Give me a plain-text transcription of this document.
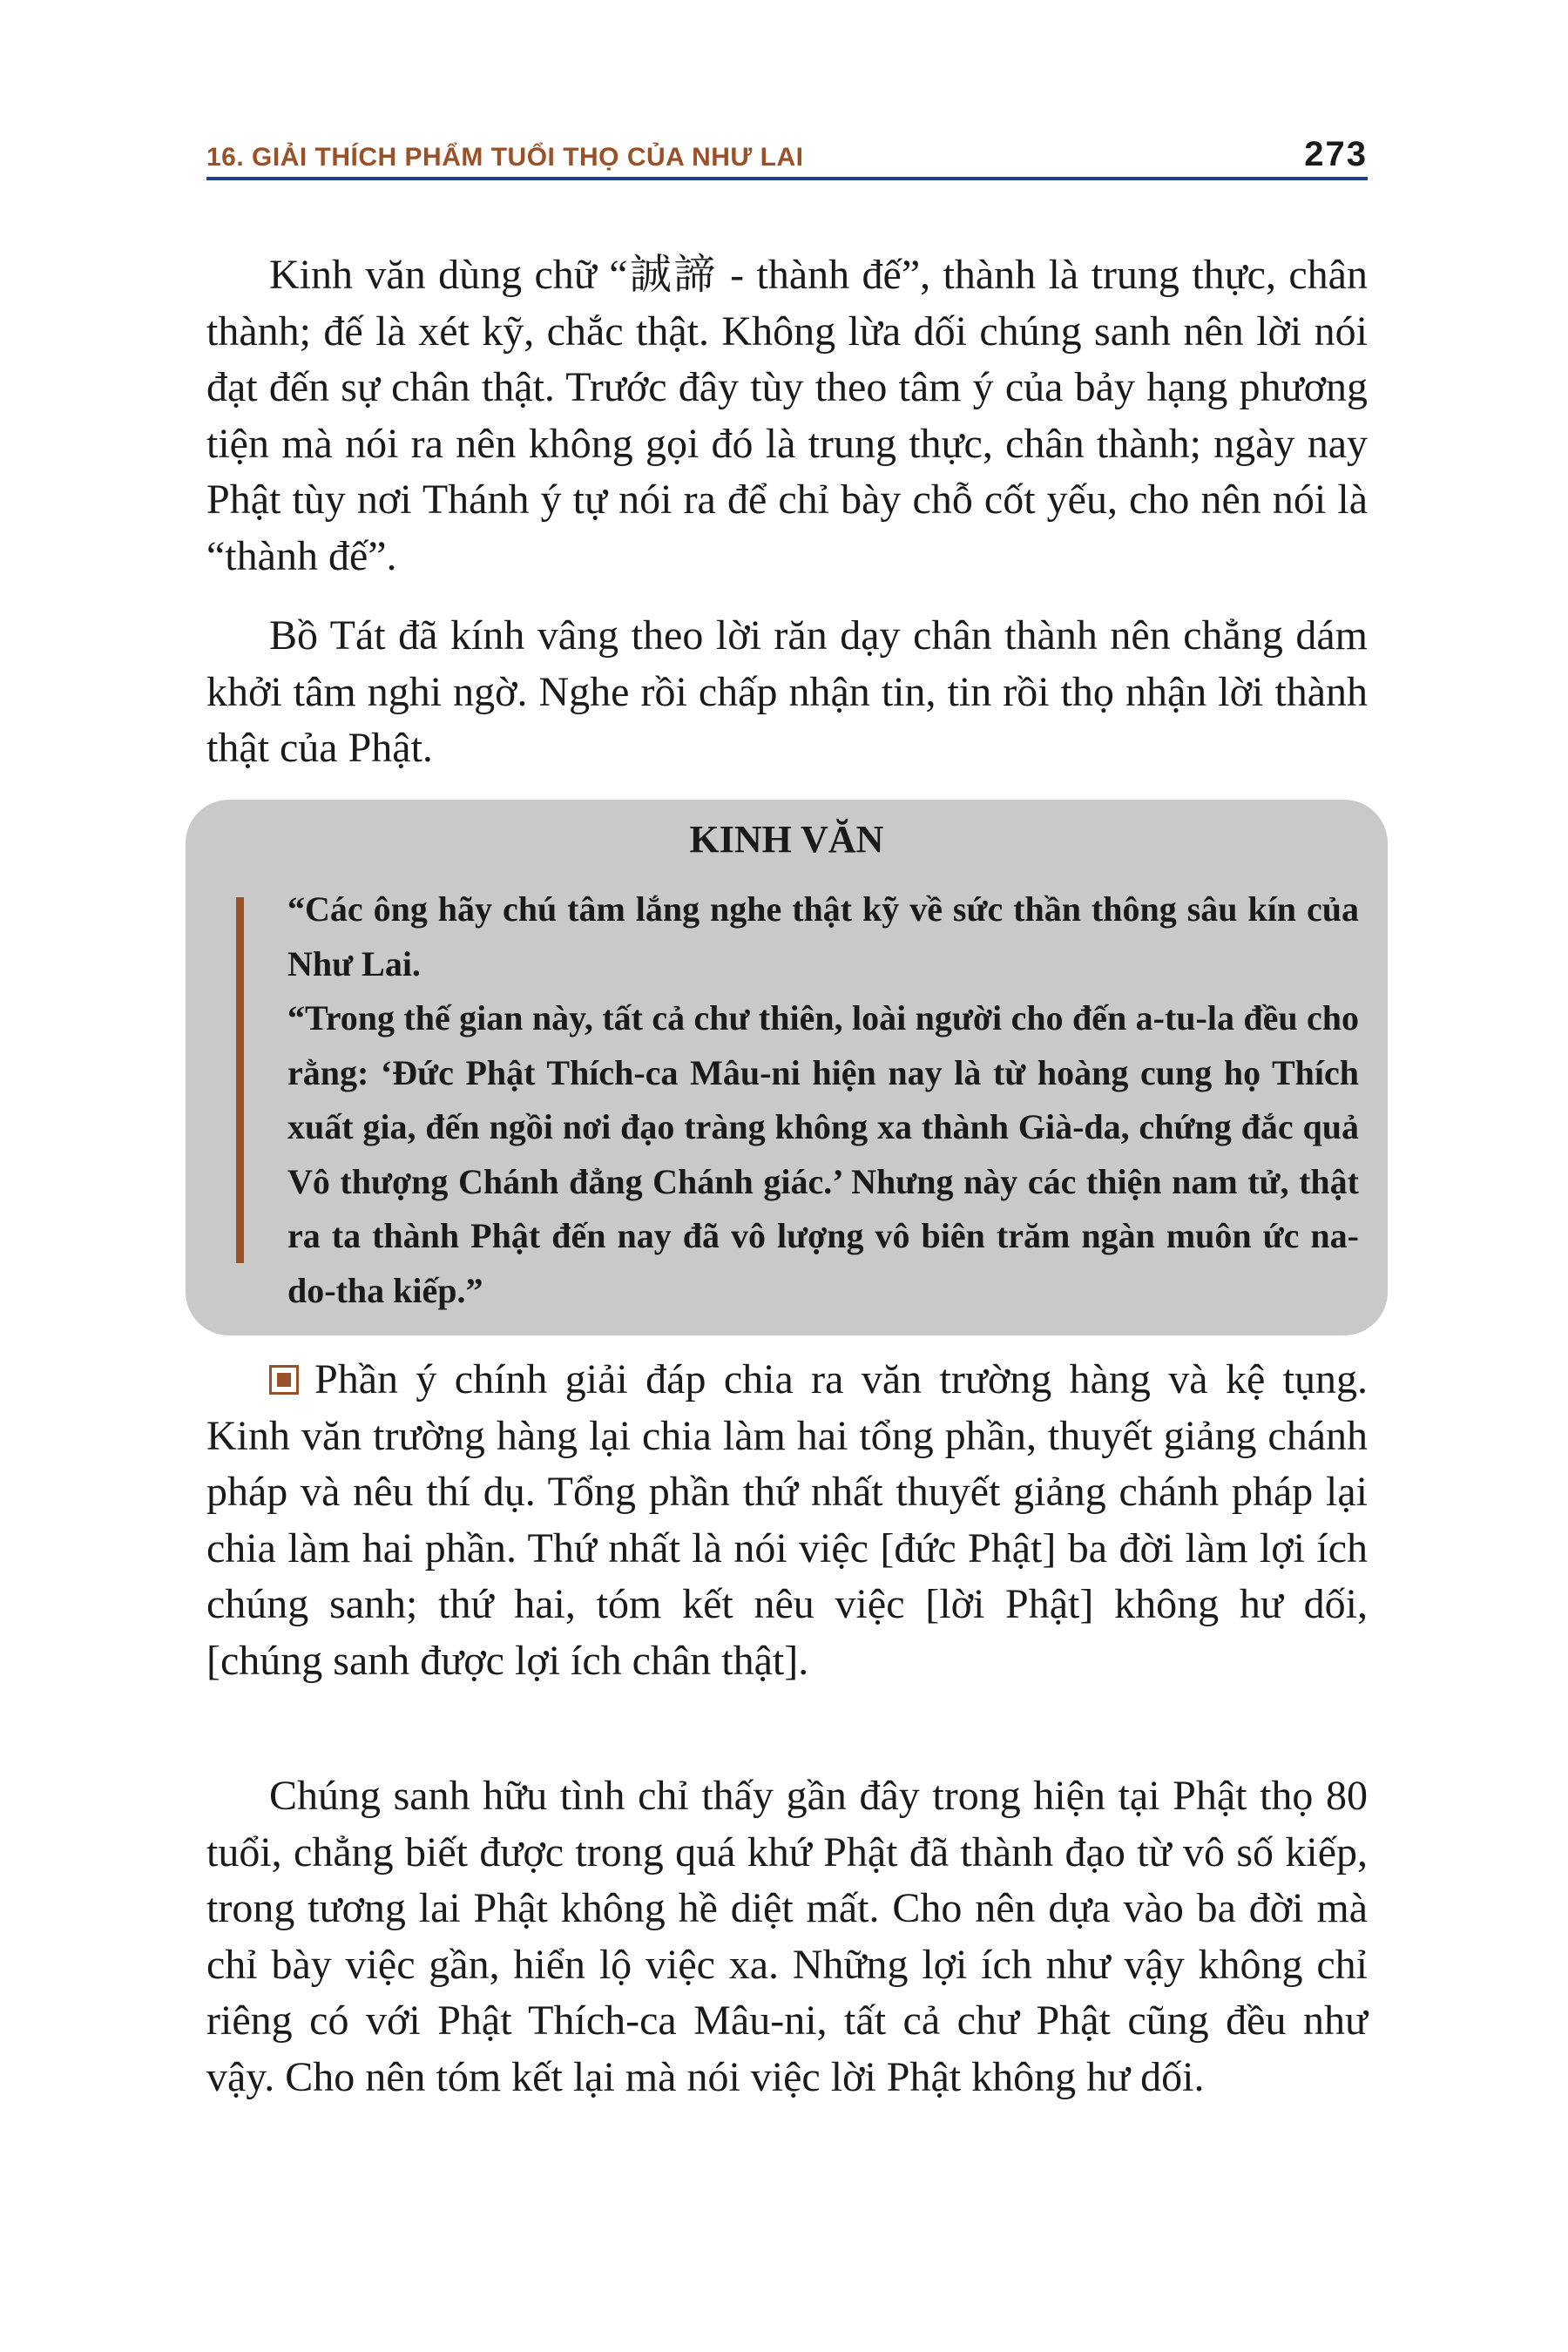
16. GIẢI THÍCH PHẨM TUỔI THỌ CỦA NHƯ LAI	273

Kinh văn dùng chữ “誠諦 - thành đế”, thành là trung thực, chân thành; đế là xét kỹ, chắc thật. Không lừa dối chúng sanh nên lời nói đạt đến sự chân thật. Trước đây tùy theo tâm ý của bảy hạng phương tiện mà nói ra nên không gọi đó là trung thực, chân thành; ngày nay Phật tùy nơi Thánh ý tự nói ra để chỉ bày chỗ cốt yếu, cho nên nói là “thành đế”.

Bồ Tát đã kính vâng theo lời răn dạy chân thành nên chẳng dám khởi tâm nghi ngờ. Nghe rồi chấp nhận tin, tin rồi thọ nhận lời thành thật của Phật.

KINH VĂN

“Các ông hãy chú tâm lắng nghe thật kỹ về sức thần thông sâu kín của Như Lai.

“Trong thế gian này, tất cả chư thiên, loài người cho đến a-tu-la đều cho rằng: ‘Đức Phật Thích-ca Mâu-ni hiện nay là từ hoàng cung họ Thích xuất gia, đến ngồi nơi đạo tràng không xa thành Già-da, chứng đắc quả Vô thượng Chánh đẳng Chánh giác.’ Nhưng này các thiện nam tử, thật ra ta thành Phật đến nay đã vô lượng vô biên trăm ngàn muôn ức na-do-tha kiếp.”

Phần ý chính giải đáp chia ra văn trường hàng và kệ tụng. Kinh văn trường hàng lại chia làm hai tổng phần, thuyết giảng chánh pháp và nêu thí dụ. Tổng phần thứ nhất thuyết giảng chánh pháp lại chia làm hai phần. Thứ nhất là nói việc [đức Phật] ba đời làm lợi ích chúng sanh; thứ hai, tóm kết nêu việc [lời Phật] không hư dối, [chúng sanh được lợi ích chân thật].

Chúng sanh hữu tình chỉ thấy gần đây trong hiện tại Phật thọ 80 tuổi, chẳng biết được trong quá khứ Phật đã thành đạo từ vô số kiếp, trong tương lai Phật không hề diệt mất. Cho nên dựa vào ba đời mà chỉ bày việc gần, hiển lộ việc xa. Những lợi ích như vậy không chỉ riêng có với Phật Thích-ca Mâu-ni, tất cả chư Phật cũng đều như vậy. Cho nên tóm kết lại mà nói việc lời Phật không hư dối.
